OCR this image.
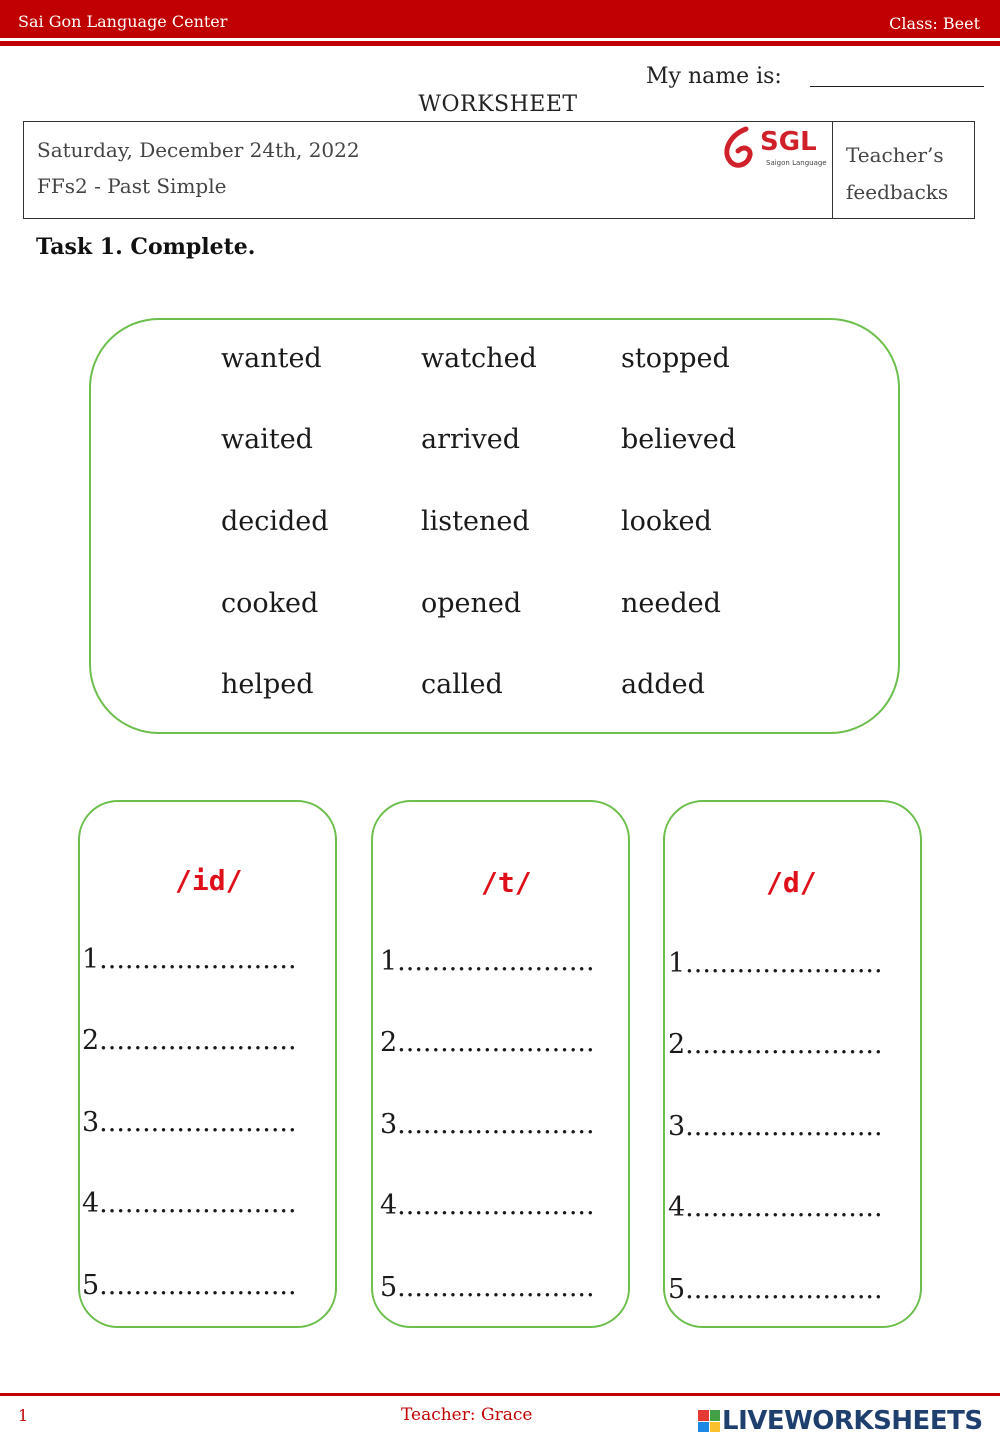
Sai Gon Language Center	Class: Beet
My name is:
WORKSHEET
Saturday, December 24th, 2022
FFs2 - Past Simple
SGL
Saigon Language Teacher’s
feedbacks
Task 1. Complete.
wanted	watched	stopped
waited	arrived	believed
decided	listened	looked
cooked	opened	needed
helped	called	added
/id/	/t/	/d/
1.......................
2.......................
3.......................
4.......................
5.......................
1.......................
2.......................
3.......................
4.......................
5.......................
1.......................
2.......................
3.......................
4.......................
5.......................
1	Teacher: Grace	LIVEWORKSHEETS
